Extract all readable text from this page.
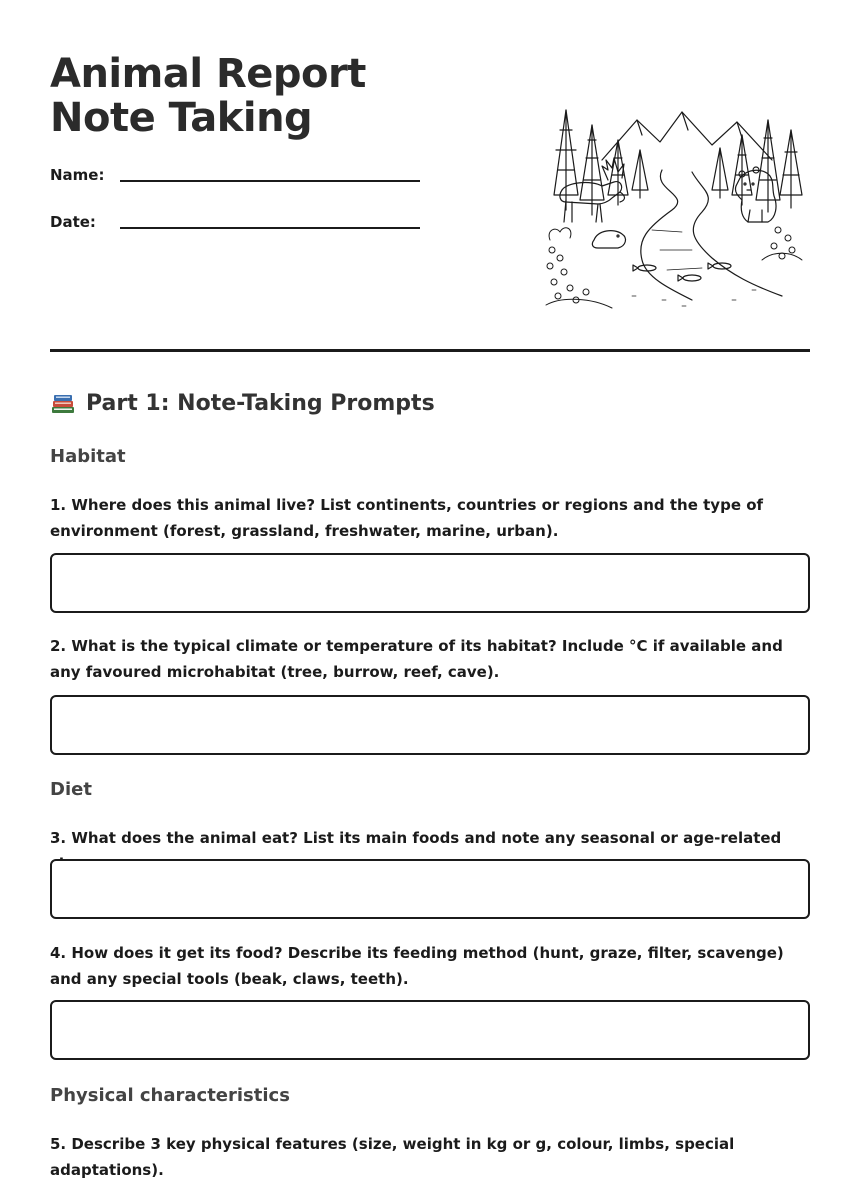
Animal Report Note Taking
Name:
Date:
Part 1: Note-Taking Prompts
Habitat

1. Where does this animal live? List continents, countries or regions and the type of environment (forest, grassland, freshwater, marine, urban).

2. What is the typical climate or temperature of its habitat? Include °C if available and any favoured microhabitat (tree, burrow, reef, cave).

Diet

3. What does the animal eat? List its main foods and note any seasonal or age-related

4. How does it get its food? Describe its feeding method (hunt, graze, filter, scavenge) and any special tools (beak, claws, teeth).

Physical characteristics

5. Describe 3 key physical features (size, weight in kg or g, colour, limbs, special adaptations).
